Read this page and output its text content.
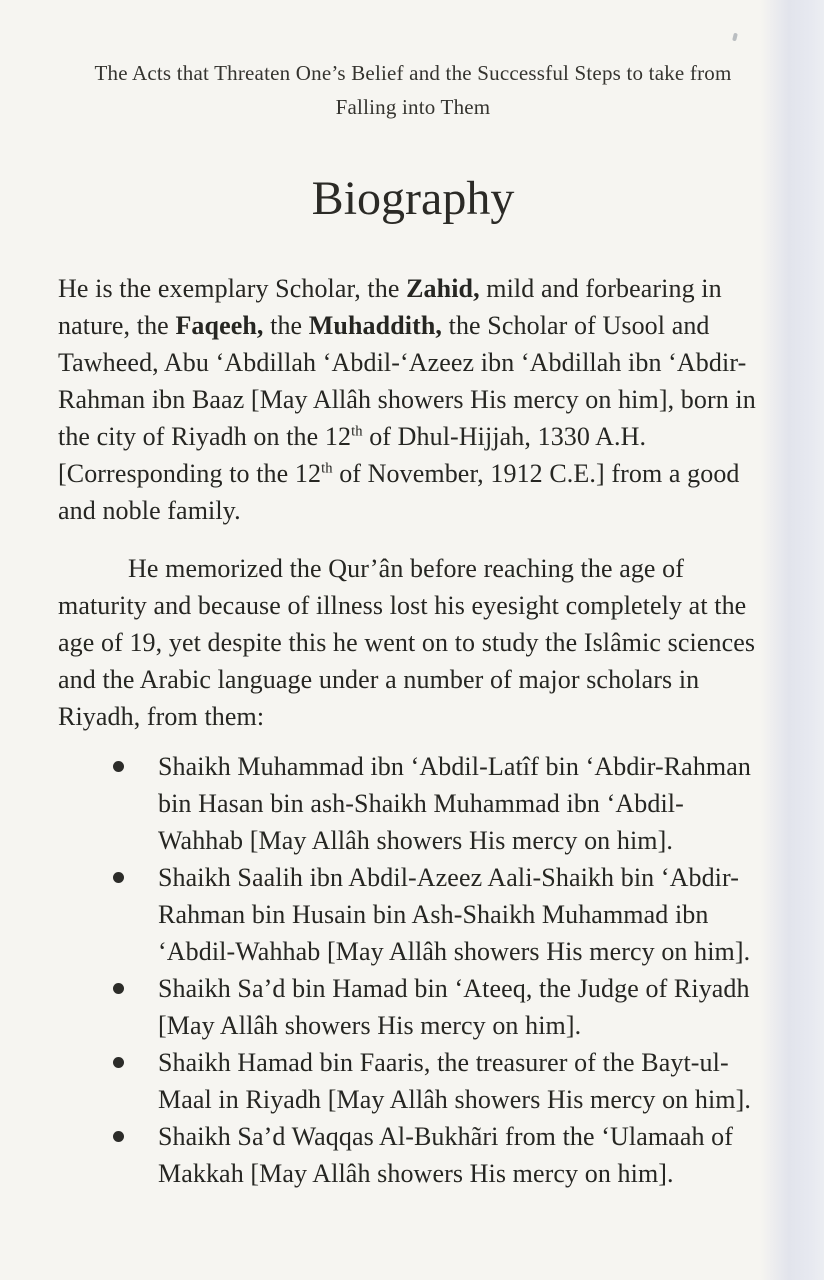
The Acts that Threaten One’s Belief and the Successful Steps to take from
Falling into Them
Biography

He is the exemplary Scholar, the Zahid, mild and forbearing in nature, the Faqeeh, the Muhaddith, the Scholar of Usool and Tawheed, Abu ‘Abdillah ‘Abdil-‘Azeez ibn ‘Abdillah ibn ‘Abdir-Rahman ibn Baaz [May Allâh showers His mercy on him], born in the city of Riyadh on the 12th of Dhul-Hijjah, 1330 A.H. [Corresponding to the 12th of November, 1912 C.E.] from a good and noble family.

He memorized the Qur’ân before reaching the age of maturity and because of illness lost his eyesight completely at the age of 19, yet despite this he went on to study the Islâmic sciences and the Arabic language under a number of major scholars in Riyadh, from them:

Shaikh Muhammad ibn ‘Abdil-Latîf bin ‘Abdir-Rahman bin Hasan bin ash-Shaikh Muhammad ibn ‘Abdil-Wahhab [May Allâh showers His mercy on him].
Shaikh Saalih ibn Abdil-Azeez Aali-Shaikh bin ‘Abdir-Rahman bin Husain bin Ash-Shaikh Muhammad ibn ‘Abdil-Wahhab [May Allâh showers His mercy on him].
Shaikh Sa’d bin Hamad bin ‘Ateeq, the Judge of Riyadh [May Allâh showers His mercy on him].
Shaikh Hamad bin Faaris, the treasurer of the Bayt-ul-Maal in Riyadh [May Allâh showers His mercy on him].
Shaikh Sa’d Waqqas Al-Bukhãri from the ‘Ulamaah of Makkah [May Allâh showers His mercy on him].
